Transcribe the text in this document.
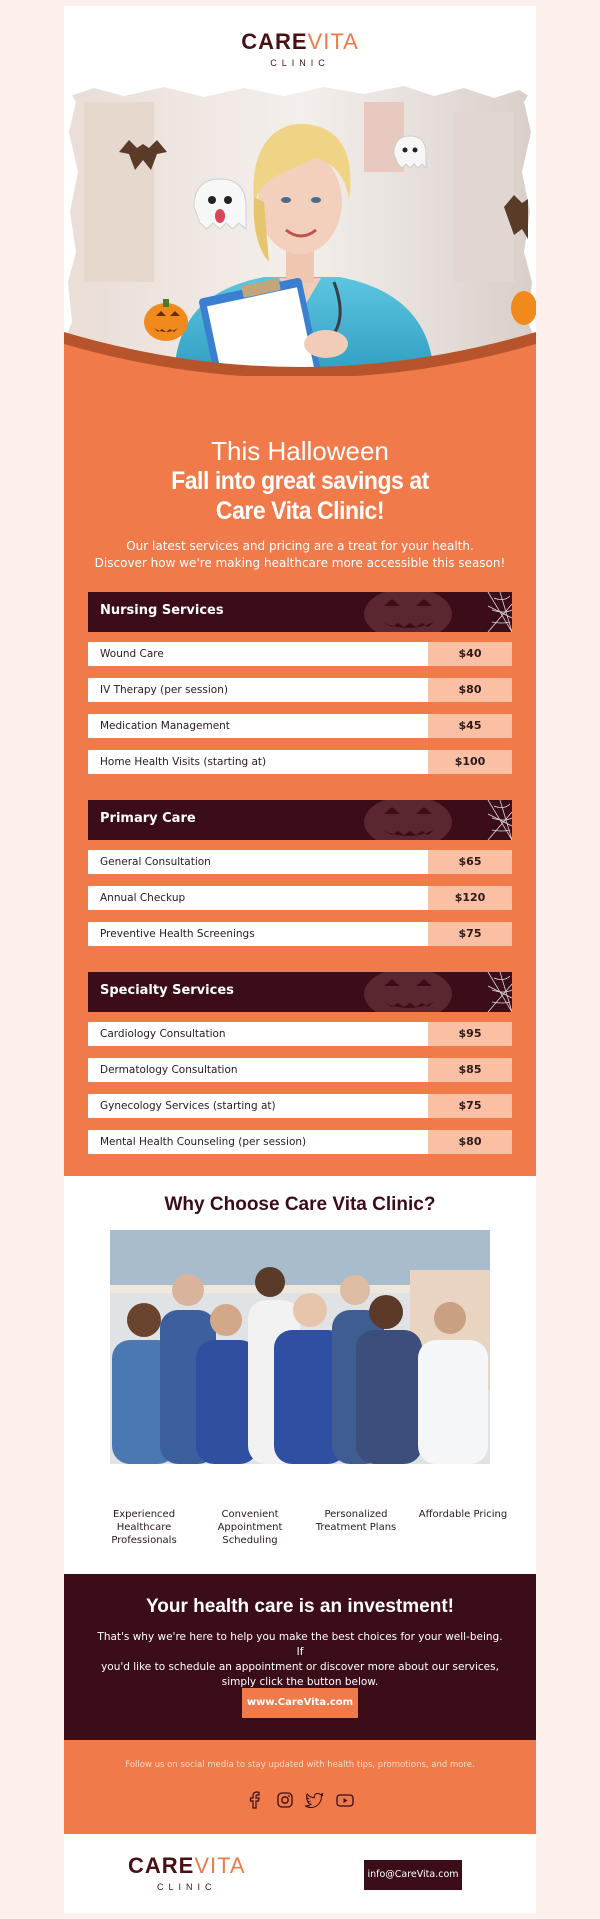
CAREVITA
CLINIC
This Halloween
Fall into great savings at
Care Vita Clinic!
Our latest services and pricing are a treat for your health.
Discover how we're making healthcare more accessible this season!
Nursing Services
Wound Care	$40
IV Therapy (per session)	$80
Medication Management	$45
Home Health Visits (starting at)	$100
Primary Care
General Consultation	$65
Annual Checkup	$120
Preventive Health Screenings	$75
Specialty Services
Cardiology Consultation	$95
Dermatology Consultation	$85
Gynecology Services (starting at)	$75
Mental Health Counseling (per session)	$80
Why Choose Care Vita Clinic?
Experienced
Healthcare
Professionals
Convenient
Appointment
Scheduling
Personalized
Treatment Plans
Affordable Pricing
Your health care is an investment!
That's why we're here to help you make the best choices for your well-being. If
you'd like to schedule an appointment or discover more about our services,
simply click the button below.
www.CareVita.com
Follow us on social media to stay updated with health tips, promotions, and more.

CAREVITA
CLINIC
info@CareVita.com
